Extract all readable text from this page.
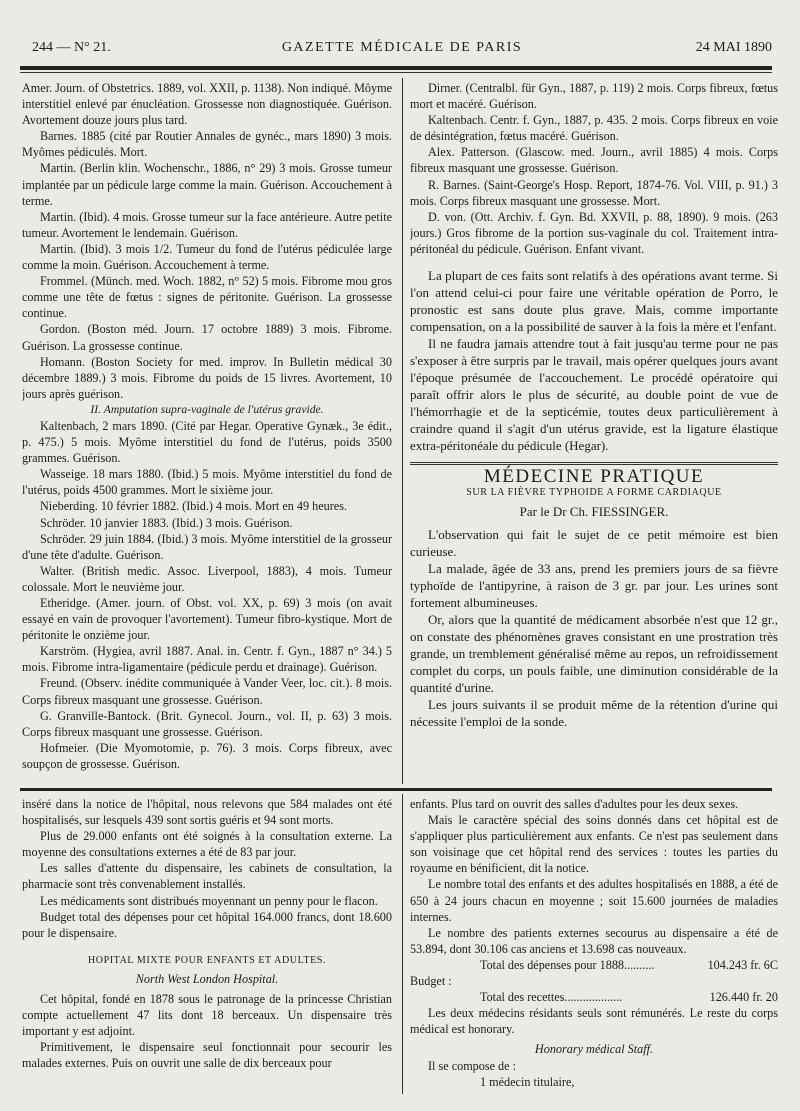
244 — N° 21.	GAZETTE MÉDICALE DE PARIS	24 MAI 1890

Amer. Journ. of Obstetrics. 1889, vol. XXII, p. 1138). Non indiqué. Môyme interstitiel enlevé par énucléation. Grossesse non diagnostiquée. Guérison. Avortement douze jours plus tard.

Barnes. 1885 (cité par Routier Annales de gynéc., mars 1890) 3 mois. Myômes pédiculés. Mort.

Martin. (Berlin klin. Wochenschr., 1886, n° 29) 3 mois. Grosse tumeur implantée par un pédicule large comme la main. Guérison. Accouchement à terme.

Martin. (Ibid). 4 mois. Grosse tumeur sur la face antérieure. Autre petite tumeur. Avortement le lendemain. Guérison.

Martin. (Ibid). 3 mois 1/2. Tumeur du fond de l'utérus pédiculée large comme la moin. Guérison. Accouchement à terme.

Frommel. (Münch. med. Woch. 1882, n° 52) 5 mois. Fibrome mou gros comme une tête de fœtus : signes de péritonite. Guérison. La grossesse continue.

Gordon. (Boston méd. Journ. 17 octobre 1889) 3 mois. Fibrome. Guérison. La grossesse continue.

Homann. (Boston Society for med. improv. In Bulletin médical 30 décembre 1889.) 3 mois. Fibrome du poids de 15 livres. Avortement, 10 jours après guérison.

II. Amputation supra-vaginale de l'utérus gravide.

Kaltenbach, 2 mars 1890. (Cité par Hegar. Operative Gynæk., 3e édit., p. 475.) 5 mois. Myôme interstitiel du fond de l'utérus, poids 3500 grammes. Guérison.

Wasseige. 18 mars 1880. (Ibid.) 5 mois. Myôme interstitiel du fond de l'utérus, poids 4500 grammes. Mort le sixième jour.

Nieberding. 10 février 1882. (Ibid.) 4 mois. Mort en 49 heures.

Schröder. 10 janvier 1883. (Ibid.) 3 mois. Guérison.

Schröder. 29 juin 1884. (Ibid.) 3 mois. Myôme interstitiel de la grosseur d'une tête d'adulte. Guérison.

Walter. (British medic. Assoc. Liverpool, 1883), 4 mois. Tumeur colossale. Mort le neuvième jour.

Etheridge. (Amer. journ. of Obst. vol. XX, p. 69) 3 mois (on avait essayé en vain de provoquer l'avortement). Tumeur fibro-kystique. Mort de péritonite le onzième jour.

Karström. (Hygiea, avril 1887. Anal. in. Centr. f. Gyn., 1887 n° 34.) 5 mois. Fibrome intra-ligamentaire (pédicule perdu et drainage). Guérison.

Freund. (Observ. inédite communiquée à Vander Veer, loc. cit.). 8 mois. Corps fibreux masquant une grossesse. Guérison.

G. Granville-Bantock. (Brit. Gynecol. Journ., vol. II, p. 63) 3 mois. Corps fibreux masquant une grossesse. Guérison.

Hofmeier. (Die Myomotomie, p. 76). 3 mois. Corps fibreux, avec soupçon de grossesse. Guérison.

Dirner. (Centralbl. für Gyn., 1887, p. 119) 2 mois. Corps fibreux, fœtus mort et macéré. Guérison.

Kaltenbach. Centr. f. Gyn., 1887, p. 435. 2 mois. Corps fibreux en voie de désintégration, fœtus macéré. Guérison.

Alex. Patterson. (Glascow. med. Journ., avril 1885) 4 mois. Corps fibreux masquant une grossesse. Guérison.

R. Barnes. (Saint-George's Hosp. Report, 1874-76. Vol. VIII, p. 91.) 3 mois. Corps fibreux masquant une grossesse. Mort.

D. von. (Ott. Archiv. f. Gyn. Bd. XXVII, p. 88, 1890). 9 mois. (263 jours.) Gros fibrome de la portion sus-vaginale du col. Traitement intra-péritonéal du pédicule. Guérison. Enfant vivant.

La plupart de ces faits sont relatifs à des opérations avant terme. Si l'on attend celui-ci pour faire une véritable opération de Porro, le pronostic est sans doute plus grave. Mais, comme importante compensation, on a la possibilité de sauver à la fois la mère et l'enfant.

Il ne faudra jamais attendre tout à fait jusqu'au terme pour ne pas s'exposer à être surpris par le travail, mais opérer quelques jours avant l'époque présumée de l'accouchement. Le procédé opératoire qui paraît offrir alors le plus de sécurité, au double point de vue de l'hémorrhagie et de la septicémie, toutes deux particulièrement à craindre quand il s'agit d'un utérus gravide, est la ligature élastique extra-péritonéale du pédicule (Hegar).

MÉDECINE PRATIQUE

SUR LA FIÈVRE TYPHOIDE A FORME CARDIAQUE

Par le Dr Ch. FIESSINGER.

L'observation qui fait le sujet de ce petit mémoire est bien curieuse.

La malade, âgée de 33 ans, prend les premiers jours de sa fièvre typhoïde de l'antipyrine, à raison de 3 gr. par jour. Les urines sont fortement albumineuses.

Or, alors que la quantité de médicament absorbée n'est que 12 gr., on constate des phénomènes graves consistant en une prostration très grande, un tremblement généralisé même au repos, un refroidissement complet du corps, un pouls faible, une diminution considérable de la quantité d'urine.

Les jours suivants il se produit même de la rétention d'urine qui nécessite l'emploi de la sonde.

inséré dans la notice de l'hôpital, nous relevons que 584 malades ont été hospitalisés, sur lesquels 439 sont sortis guéris et 94 sont morts.

Plus de 29.000 enfants ont été soignés à la consultation externe. La moyenne des consultations externes a été de 83 par jour.

Les salles d'attente du dispensaire, les cabinets de consultation, la pharmacie sont très convenablement installés.

Les médicaments sont distribués moyennant un penny pour le flacon.

Budget total des dépenses pour cet hôpital 164.000 francs, dont 18.600 pour le dispensaire.

HOPITAL MIXTE POUR ENFANTS ET ADULTES.

North West London Hospital.

Cet hôpital, fondé en 1878 sous le patronage de la princesse Christian compte actuellement 47 lits dont 18 berceaux. Un dispensaire très important y est adjoint.

Primitivement, le dispensaire seul fonctionnait pour secourir les malades externes. Puis on ouvrit une salle de dix berceaux pour

enfants. Plus tard on ouvrit des salles d'adultes pour les deux sexes.

Mais le caractère spécial des soins donnés dans cet hôpital est de s'appliquer plus particulièrement aux enfants. Ce n'est pas seulement dans son voisinage que cet hôpital rend des services : toutes les parties du royaume en bénificient, dit la notice.

Le nombre total des enfants et des adultes hospitalisés en 1888, a été de 650 à 24 jours chacun en moyenne ; soit 15.600 journées de maladies internes.

Le nombre des patients externes secourus au dispensaire a été de 53.894, dont 30.106 cas anciens et 13.698 cas nouveaux.

Total des dépenses pour 1888..........	104.243 fr. 6C

Budget :

Total des recettes...................	126.440 fr. 20

Les deux médecins résidants seuls sont rémunérés. Le reste du corps médical est honorary.

Honorary médical Staff.

Il se compose de :

1 médecin titulaire,
